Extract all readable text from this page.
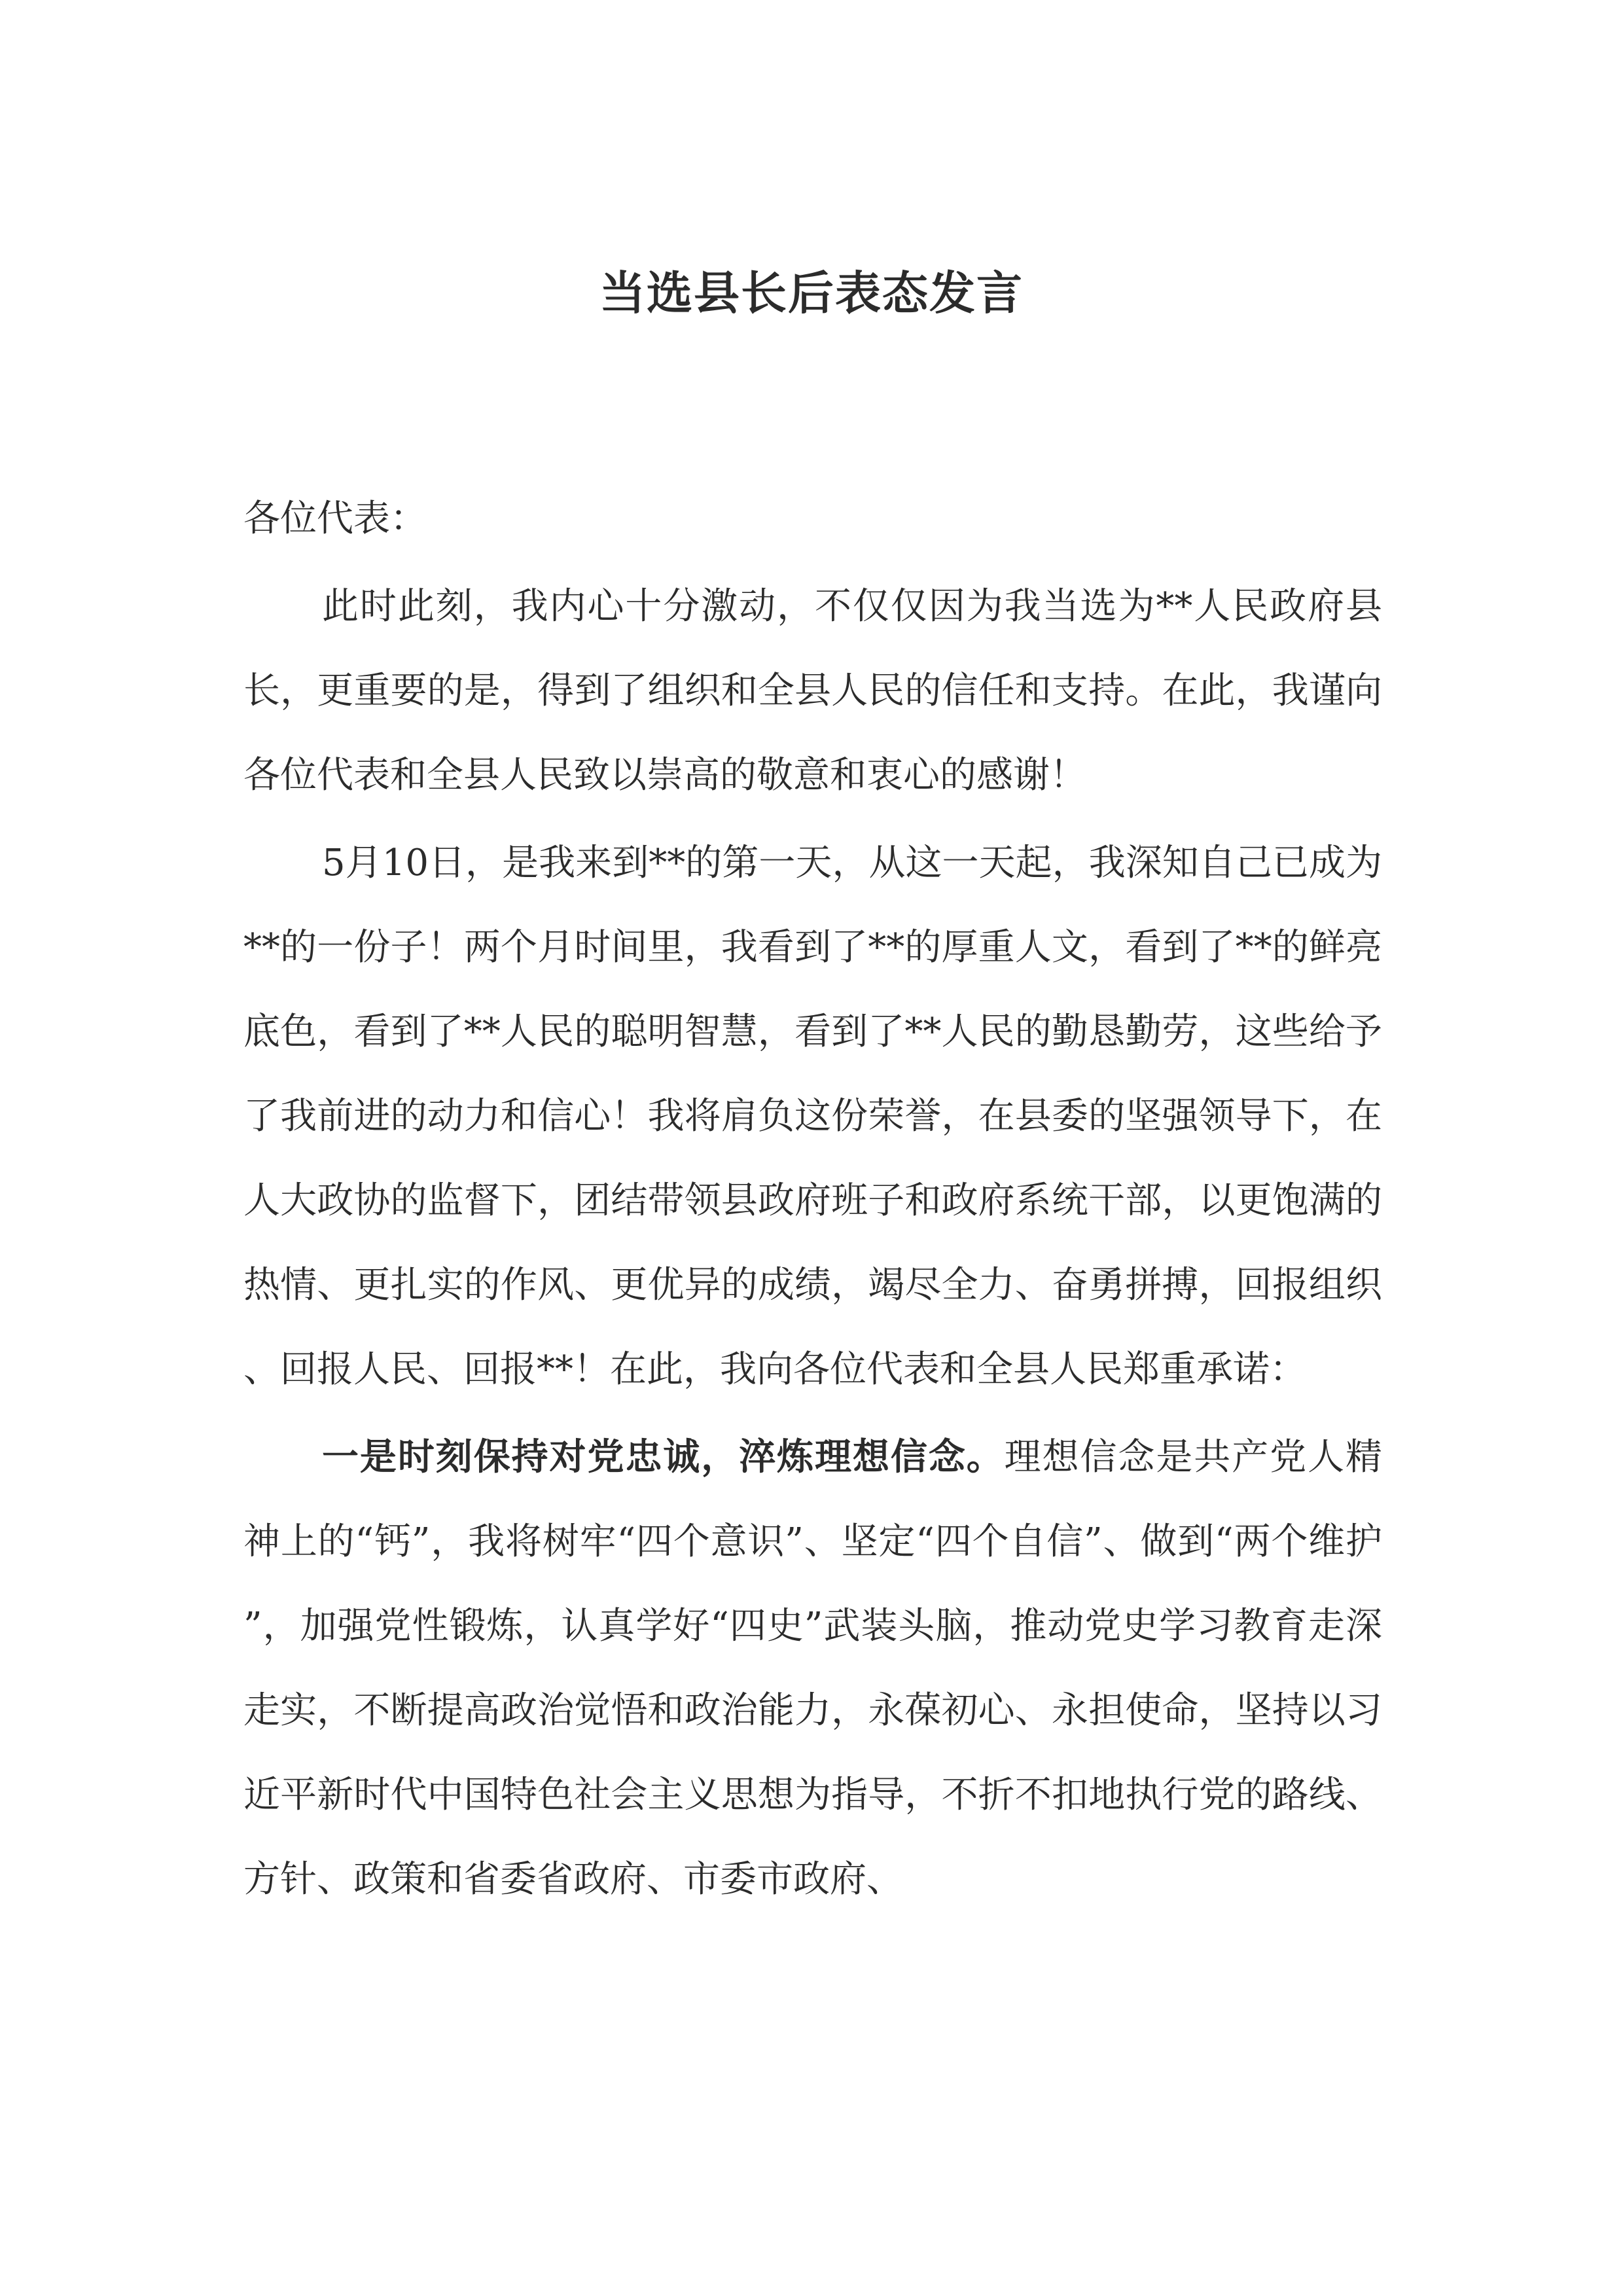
当选县长后表态发言

各位代表：

此时此刻，我内心十分激动，不仅仅因为我当选为**人民政府县长，更重要的是，得到了组织和全县人民的信任和支持。在此，我谨向各位代表和全县人民致以崇高的敬意和衷心的感谢！

5月10日，是我来到**的第一天，从这一天起，我深知自己已成为**的一份子！两个月时间里，我看到了**的厚重人文，看到了**的鲜亮底色，看到了**人民的聪明智慧，看到了**人民的勤恳勤劳，这些给予了我前进的动力和信心！我将肩负这份荣誉，在县委的坚强领导下，在人大政协的监督下，团结带领县政府班子和政府系统干部，以更饱满的热情、更扎实的作风、更优异的成绩，竭尽全力、奋勇拼搏，回报组织、回报人民、回报**！在此，我向各位代表和全县人民郑重承诺：

一是时刻保持对党忠诚，淬炼理想信念。理想信念是共产党人精神上的“钙”，我将树牢“四个意识”、坚定“四个自信”、做到“两个维护”，加强党性锻炼，认真学好“四史”武装头脑，推动党史学习教育走深走实，不断提高政治觉悟和政治能力，永葆初心、永担使命，坚持以习近平新时代中国特色社会主义思想为指导，不折不扣地执行党的路线、方针、政策和省委省政府、市委市政府、
